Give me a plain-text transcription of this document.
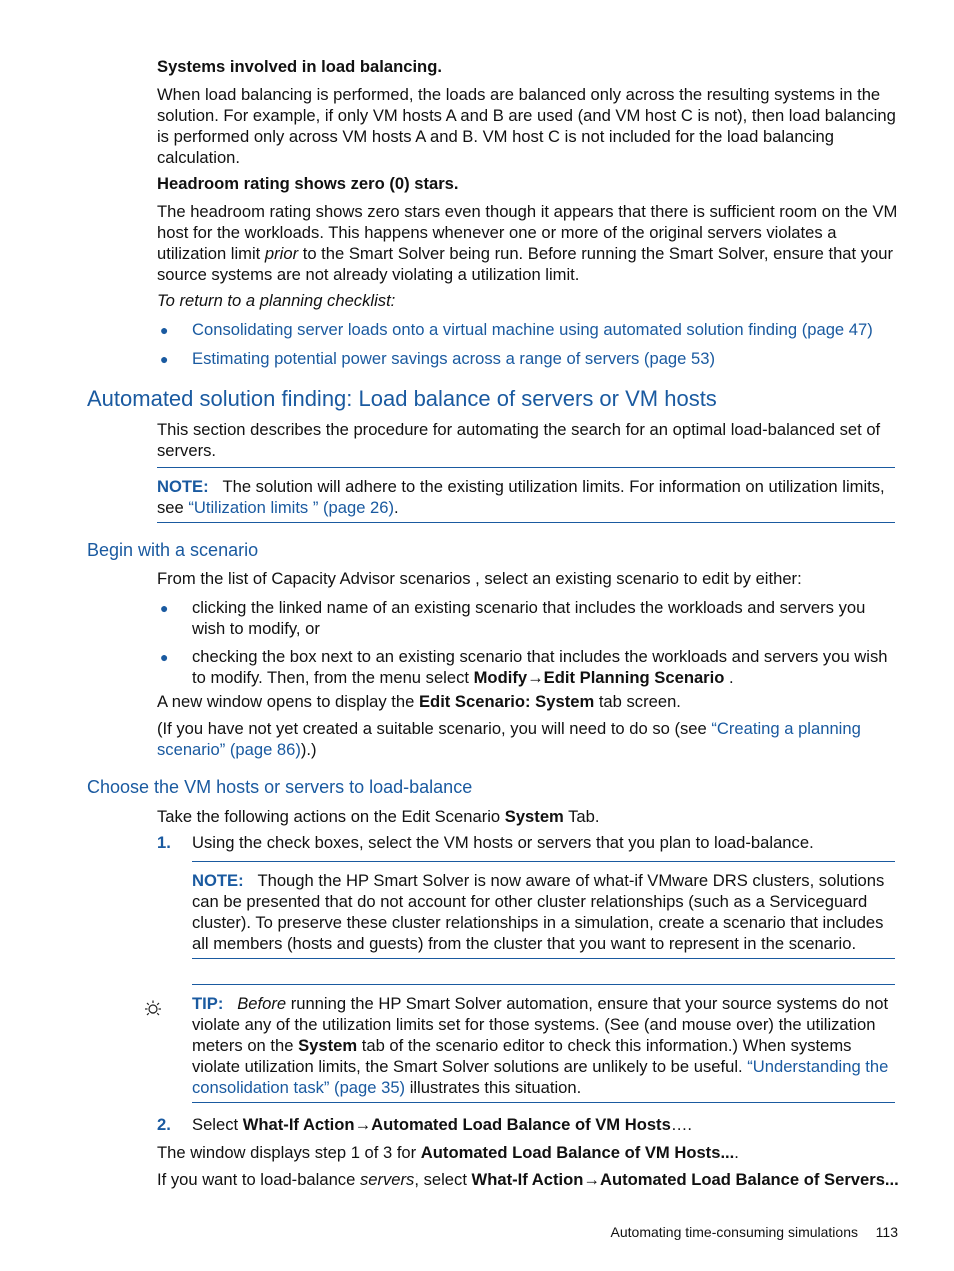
Systems involved in load balancing.
When load balancing is performed, the loads are balanced only across the resulting systems in the solution. For example, if only VM hosts A and B are used (and VM host C is not), then load balancing is performed only across VM hosts A and B. VM host C is not included for the load balancing calculation.
Headroom rating shows zero (0) stars.
The headroom rating shows zero stars even though it appears that there is sufficient room on the VM host for the workloads. This happens whenever one or more of the original servers violates a utilization limit prior to the Smart Solver being run. Before running the Smart Solver, ensure that your source systems are not already violating a utilization limit.
To return to a planning checklist:
● Consolidating server loads onto a virtual machine using automated solution finding (page 47)
● Estimating potential power savings across a range of servers (page 53)
Automated solution finding: Load balance of servers or VM hosts
This section describes the procedure for automating the search for an optimal load-balanced set of servers.
NOTE: The solution will adhere to the existing utilization limits. For information on utilization limits, see “Utilization limits ” (page 26).
Begin with a scenario
From the list of Capacity Advisor scenarios , select an existing scenario to edit by either:
● clicking the linked name of an existing scenario that includes the workloads and servers you wish to modify, or
● checking the box next to an existing scenario that includes the workloads and servers you wish to modify. Then, from the menu select Modify→Edit Planning Scenario .
A new window opens to display the Edit Scenario: System tab screen.
(If you have not yet created a suitable scenario, you will need to do so (see “Creating a planning scenario” (page 86)).)
Choose the VM hosts or servers to load-balance
Take the following actions on the Edit Scenario System Tab.
1. Using the check boxes, select the VM hosts or servers that you plan to load-balance.
NOTE: Though the HP Smart Solver is now aware of what-if VMware DRS clusters, solutions can be presented that do not account for other cluster relationships (such as a Serviceguard cluster). To preserve these cluster relationships in a simulation, create a scenario that includes all members (hosts and guests) from the cluster that you want to represent in the scenario.
TIP: Before running the HP Smart Solver automation, ensure that your source systems do not violate any of the utilization limits set for those systems. (See (and mouse over) the utilization meters on the System tab of the scenario editor to check this information.) When systems violate utilization limits, the Smart Solver solutions are unlikely to be useful. “Understanding the consolidation task” (page 35) illustrates this situation.
2. Select What-If Action→Automated Load Balance of VM Hosts….
The window displays step 1 of 3 for Automated Load Balance of VM Hosts....
If you want to load-balance servers, select What-If Action→Automated Load Balance of Servers...
Automating time-consuming simulations 113
